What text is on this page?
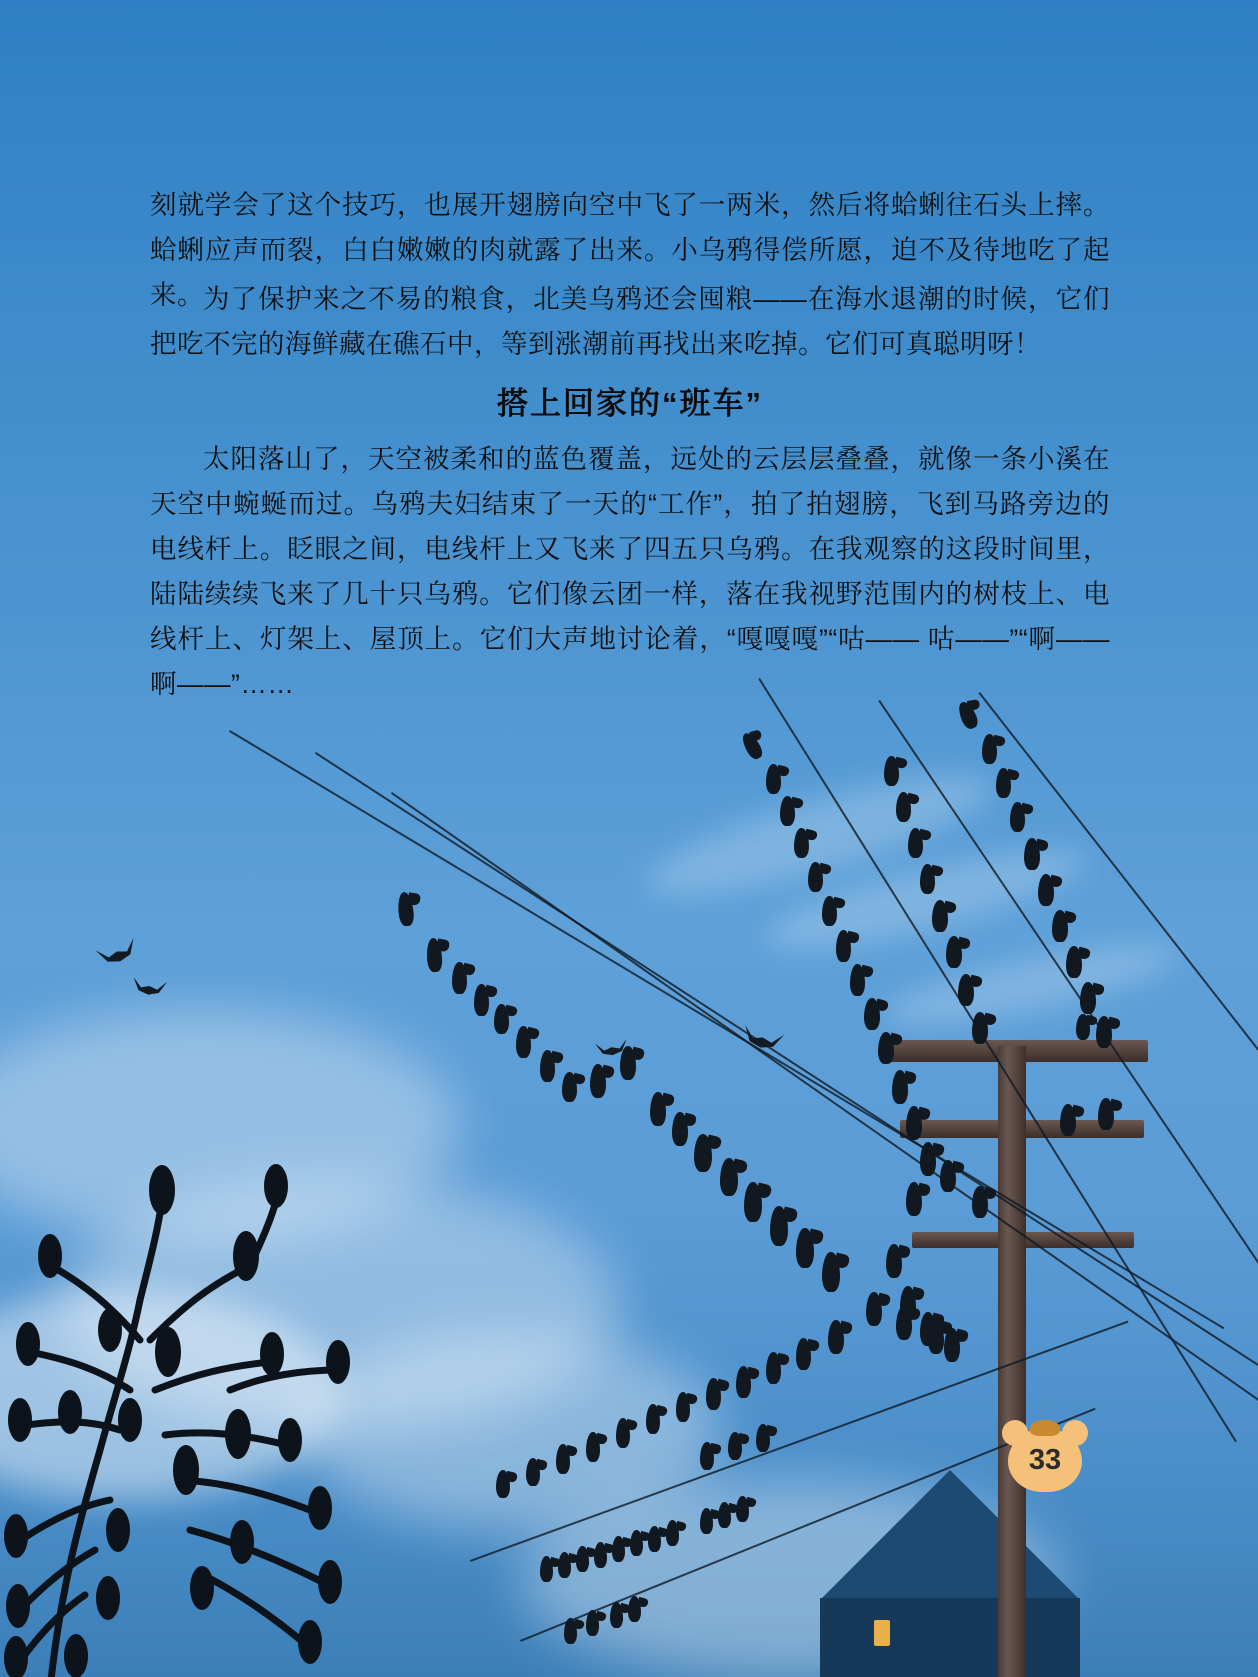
刻就学会了这个技巧，也展开翅膀向空中飞了一两米，然后将蛤蜊往石头上摔。蛤蜊应声而裂，白白嫩嫩的肉就露了出来。小乌鸦得偿所愿，迫不及待地吃了起来。 为了保护来之不易的粮食，北美乌鸦还会囤粮——在海水退潮的时候，它们把吃不完的海鲜藏在礁石中，等到涨潮前再找出来吃掉。它们可真聪明呀！

搭上回家的“班车”

太阳落山了，天空被柔和的蓝色覆盖，远处的云层层叠叠，就像一条小溪在天空中蜿蜒而过。乌鸦夫妇结束了一天的“工作”，拍了拍翅膀，飞到马路旁边的电线杆上。眨眼之间，电线杆上又飞来了四五只乌鸦。在我观察的这段时间里，陆陆续续飞来了几十只乌鸦。它们像云团一样，落在我视野范围内的树枝上、电线杆上、灯架上、屋顶上。它们大声地讨论着，“嘎嘎嘎”“咕—— 咕——”“啊——啊——”……

33
